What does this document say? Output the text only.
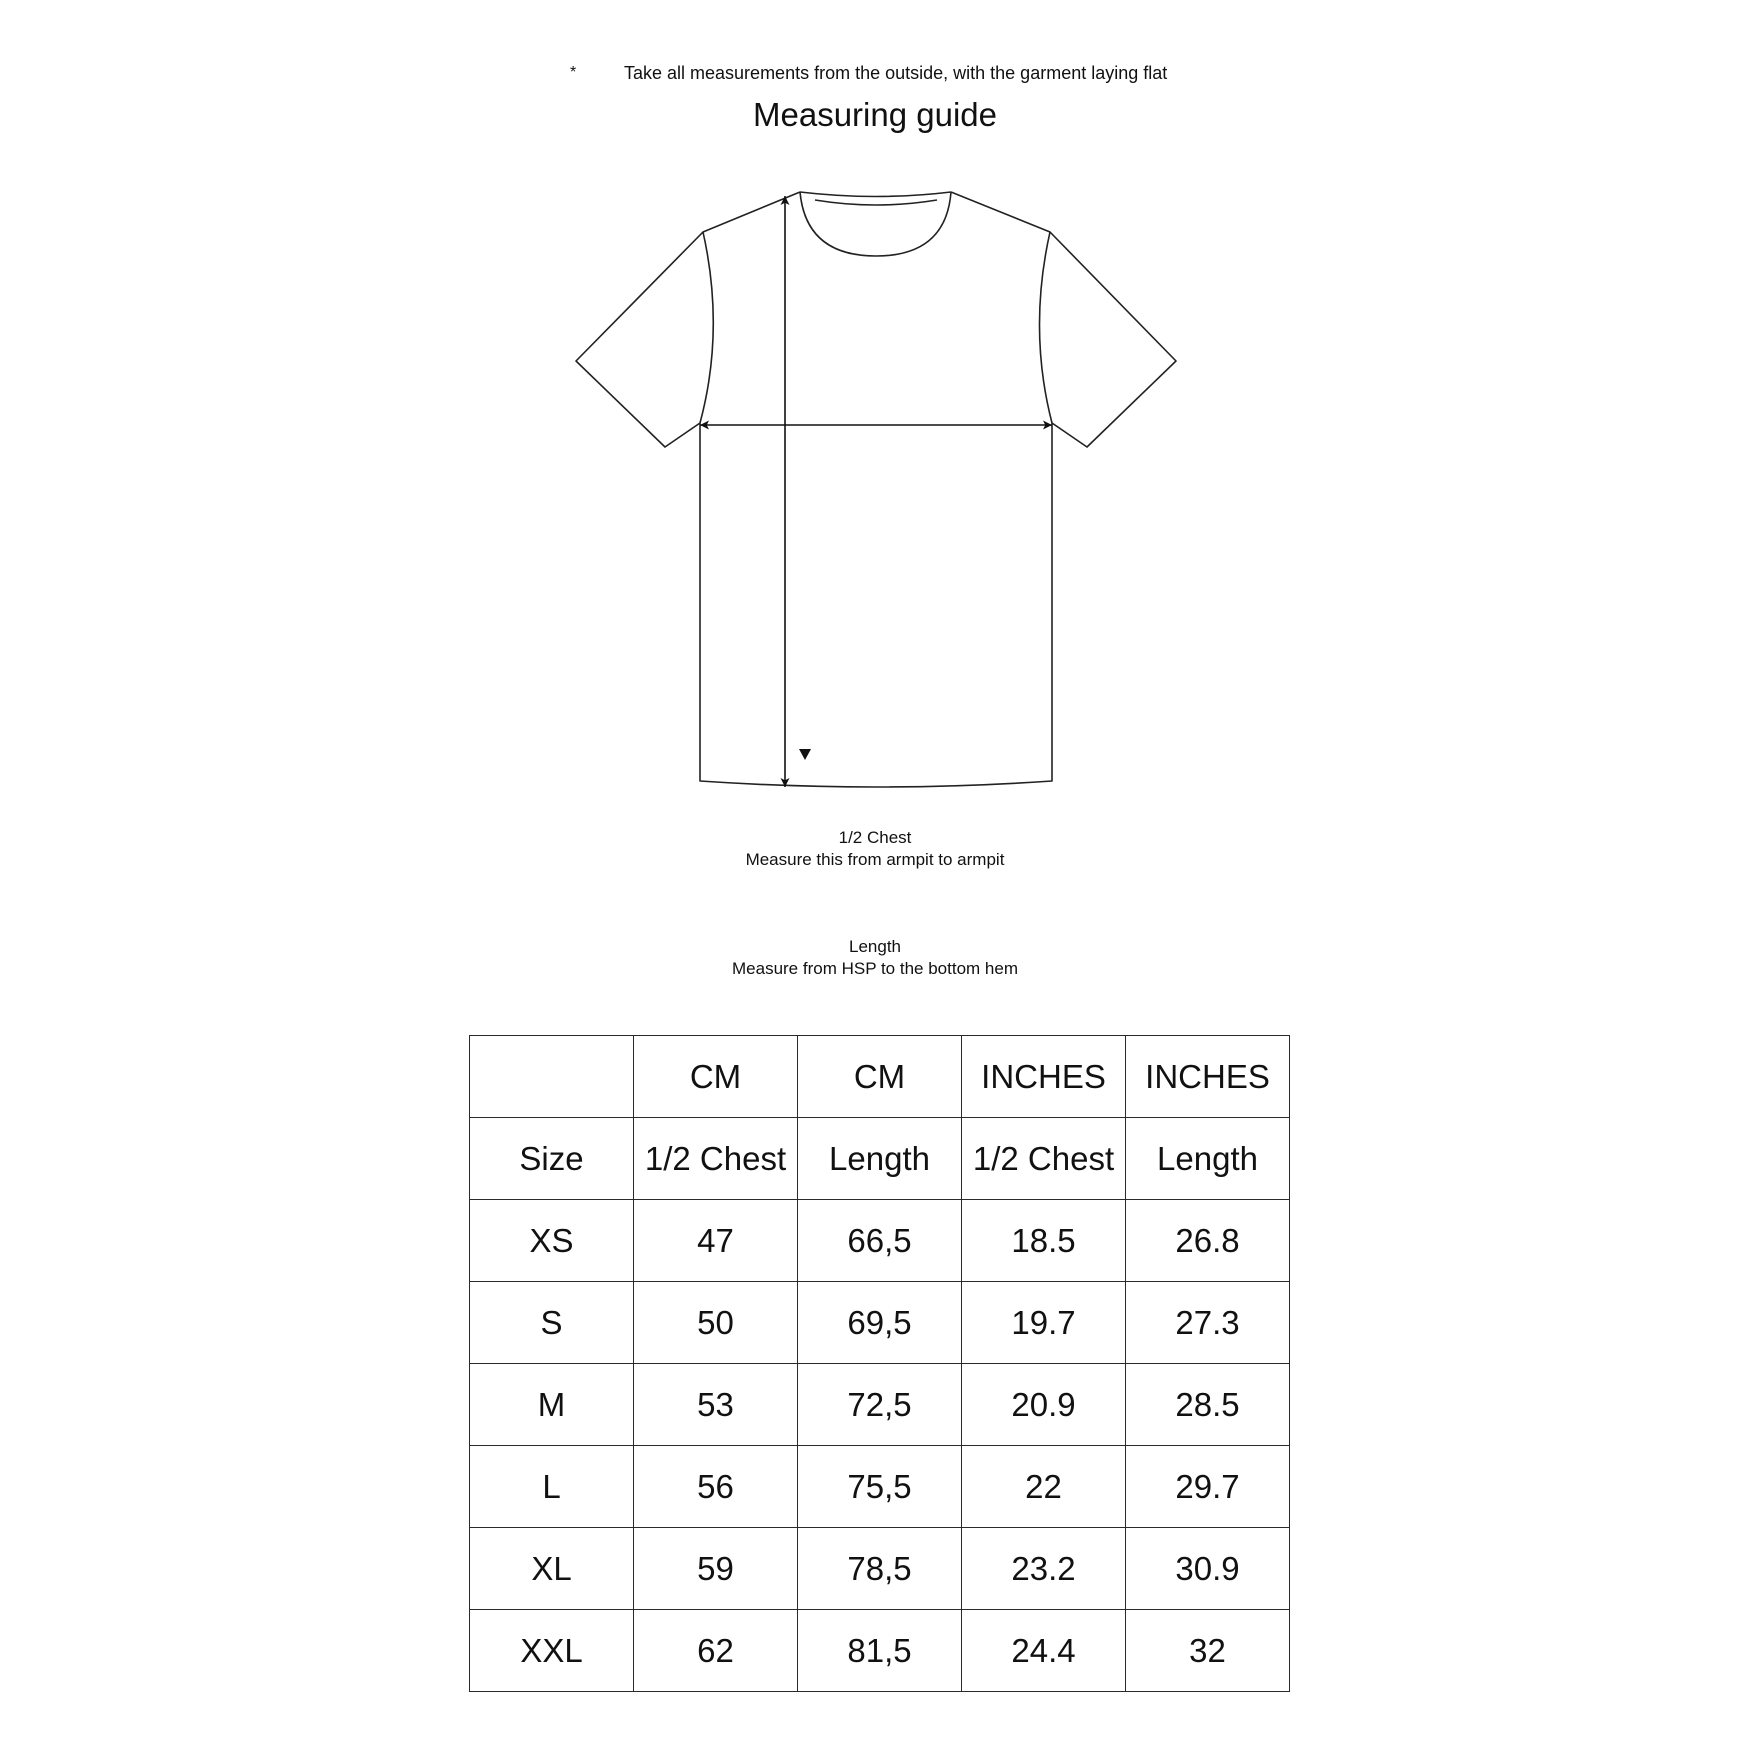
*	Take all measurements from the outside, with the garment laying flat
Measuring guide
1/2 Chest
Measure this from armpit to armpit
Length
Measure from HSP to the bottom hem
	CM	CM	INCHES	INCHES
Size	1/2 Chest	Length	1/2 Chest	Length
XS	47	66,5	18.5	26.8
S	50	69,5	19.7	27.3
M	53	72,5	20.9	28.5
L	56	75,5	22	29.7
XL	59	78,5	23.2	30.9
XXL	62	81,5	24.4	32
